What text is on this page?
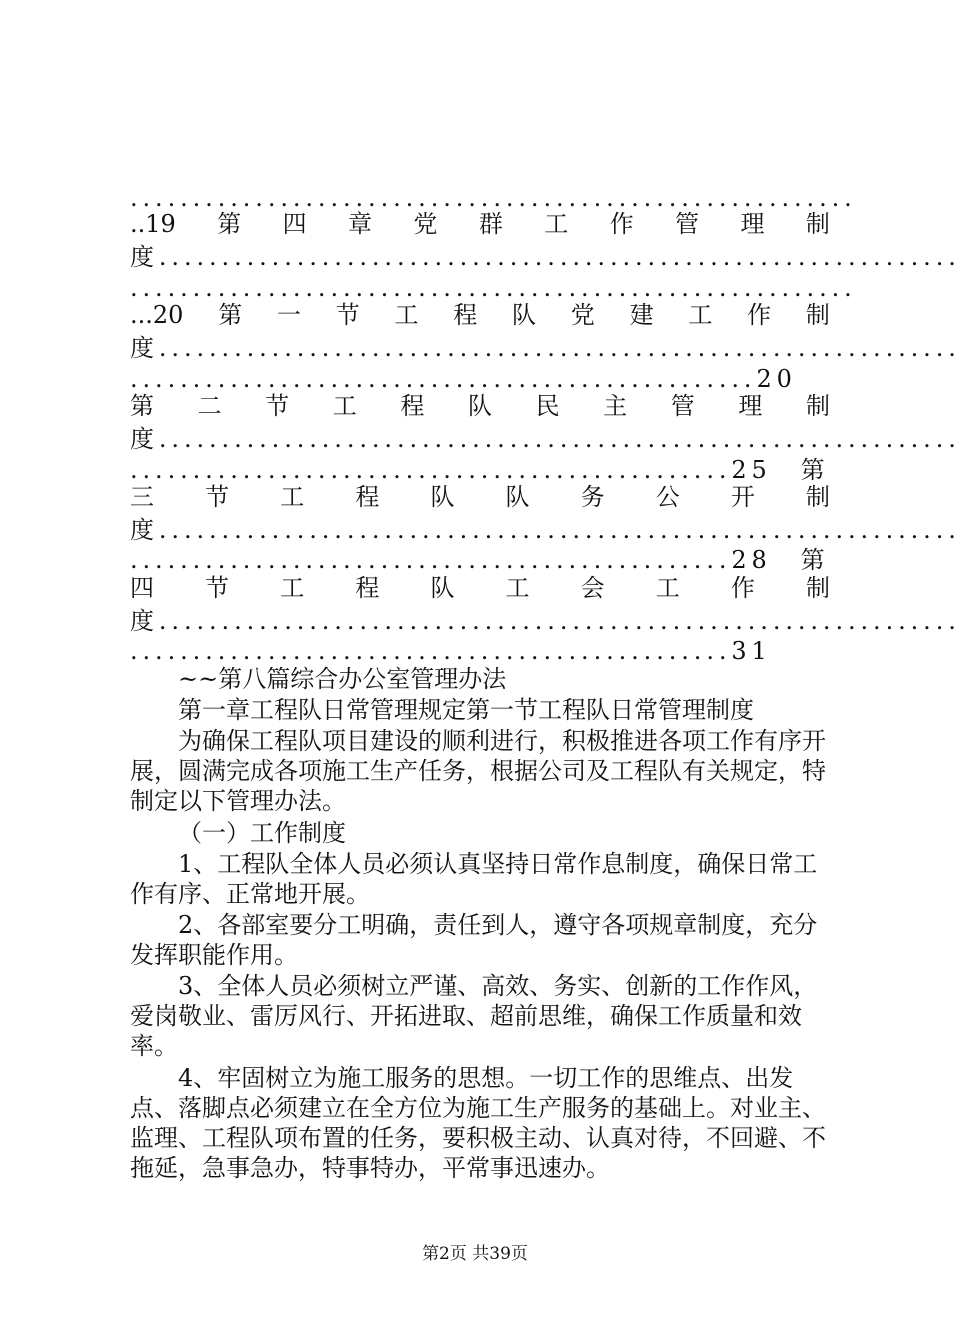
..........................................................
..19 第 四 章 党 群 工 作 管 理 制
度................................................................
..........................................................
...20 第 一 节 工 程 队 党 建 工 作 制
度................................................................
..................................................20
第 二 节 工 程 队 民 主 管 理 制
度................................................................
................................................25　第
三 节 工 程 队 队 务 公 开 制
度................................................................
................................................28　第
四 节 工 程 队 工 会 工 作 制
度................................................................
................................................31
~~第八篇综合办公室管理办法
第一章工程队日常管理规定第一节工程队日常管理制度
为确保工程队项目建设的顺利进行，积极推进各项工作有序开展，圆满完成各项施工生产任务，根据公司及工程队有关规定，特制定以下管理办法。
（一）工作制度
1、工程队全体人员必须认真坚持日常作息制度，确保日常工作有序、正常地开展。
2、各部室要分工明确，责任到人，遵守各项规章制度，充分发挥职能作用。
3、全体人员必须树立严谨、高效、务实、创新的工作作风，爱岗敬业、雷厉风行、开拓进取、超前思维，确保工作质量和效率。
4、牢固树立为施工服务的思想。一切工作的思维点、出发点、落脚点必须建立在全方位为施工生产服务的基础上。对业主、监理、工程队项布置的任务，要积极主动、认真对待，不回避、不拖延，急事急办，特事特办，平常事迅速办。
第2页 共39页
